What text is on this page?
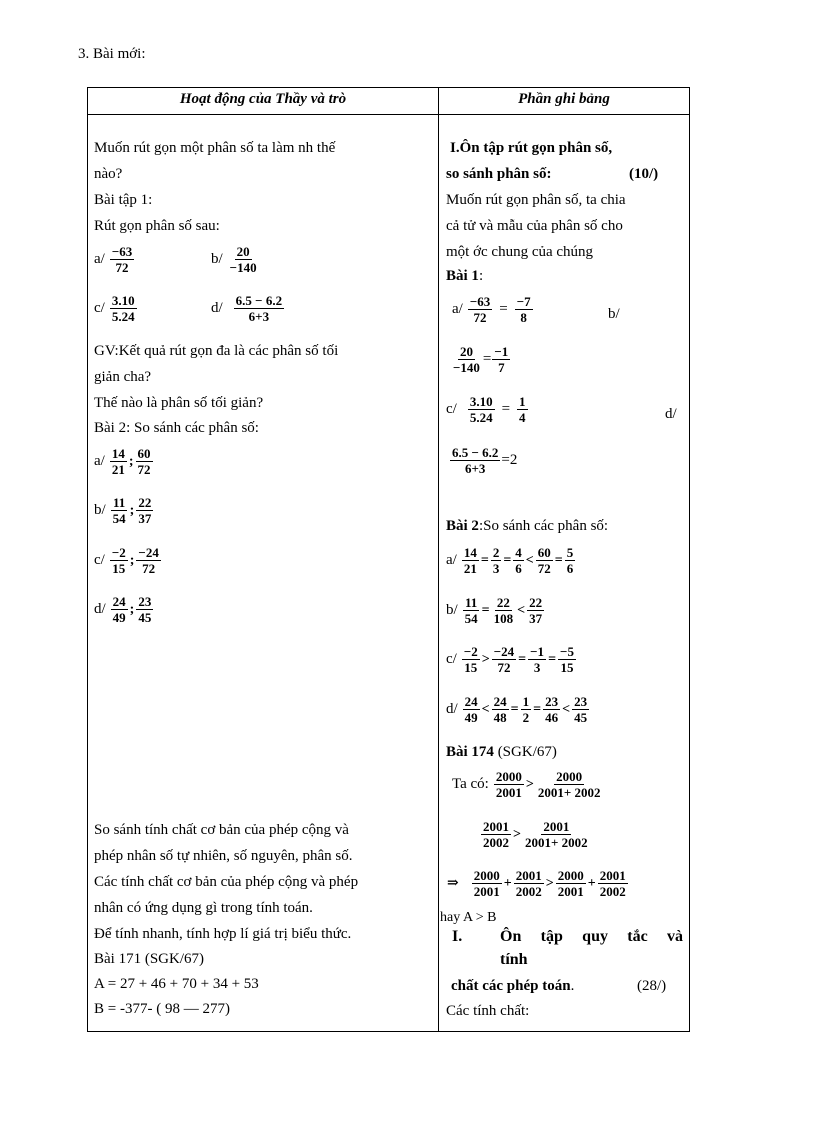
3. Bài mới:
Hoạt động của Thầy và trò	Phần ghi bảng
Muốn rút gọn một phân số ta làm nh thế
nào?
Bài tập 1:
Rút gọn phân số sau:
$a/ \frac{-63}{72}$	$b/ \frac{20}{-140}$
$c/ \frac{3.10}{5.24}$	$d/ \frac{6.5 - 6.2}{6+3}$
GV:Kết quả rút gọn đa là các phân số tối
giản cha?
Thế nào là phân số tối giản?
Bài 2: So sánh các phân số:
$a/ \frac{14}{21}$ ; $\frac{60}{72}$
$b/ \frac{11}{54}$ ; $\frac{22}{37}$
$c/ \frac{-2}{15}$ ; $\frac{-24}{72}$
$d/ \frac{24}{49}$ ; $\frac{23}{45}$
So sánh tính chất cơ bản của phép cộng và
phép nhân số tự nhiên, số nguyên, phân số.
Các tính chất cơ bản của phép cộng và phép
nhân có ứng dụng gì trong tính toán.
Để tính nhanh, tính hợp lí giá trị biểu thức.
Bài 171 (SGK/67)
A = 27 + 46 + 70 + 34 + 53
B = -377- ( 98 — 277)
I.Ôn tập rút gọn phân số,
so sánh phân số:	(10/)
Muốn rút gọn phân số, ta chia
cả tử và mẫu của phân số cho
một ớc chung của chúng
Bài 1:
$a/ \frac{-63}{72} = \frac{-7}{8}$	b/
$\frac{20}{-140} = \frac{-1}{7}$
$c/ \frac{3.10}{5.24} = \frac{1}{4}$	d/
$\frac{6.5 - 6.2}{6+3} =2$
Bài 2:So sánh các phân số:
$a/ \frac{14}{21} = \frac{2}{3} = \frac{4}{6} < \frac{60}{72} = \frac{5}{6}$
$b/ \frac{11}{54} = \frac{22}{108} < \frac{22}{37}$
$c/ \frac{-2}{15} > \frac{-24}{72} = \frac{-1}{3} = \frac{-5}{15}$
$d/ \frac{24}{49} < \frac{24}{48} = \frac{1}{2} = \frac{23}{46} < \frac{23}{45}$
Bài 174 (SGK/67)
Ta có: $\frac{2000}{2001} > \frac{2000}{2001+ 2002}$
$\frac{2001}{2002} > \frac{2001}{2001+ 2002}$
⇒ $\frac{2000}{2001} + \frac{2001}{2002} > \frac{2000}{2001} + \frac{2001}{2002}$
hay A > B
I. Ôn tập quy tắc và
tính
chất các phép toán.	(28/)
Các tính chất:
